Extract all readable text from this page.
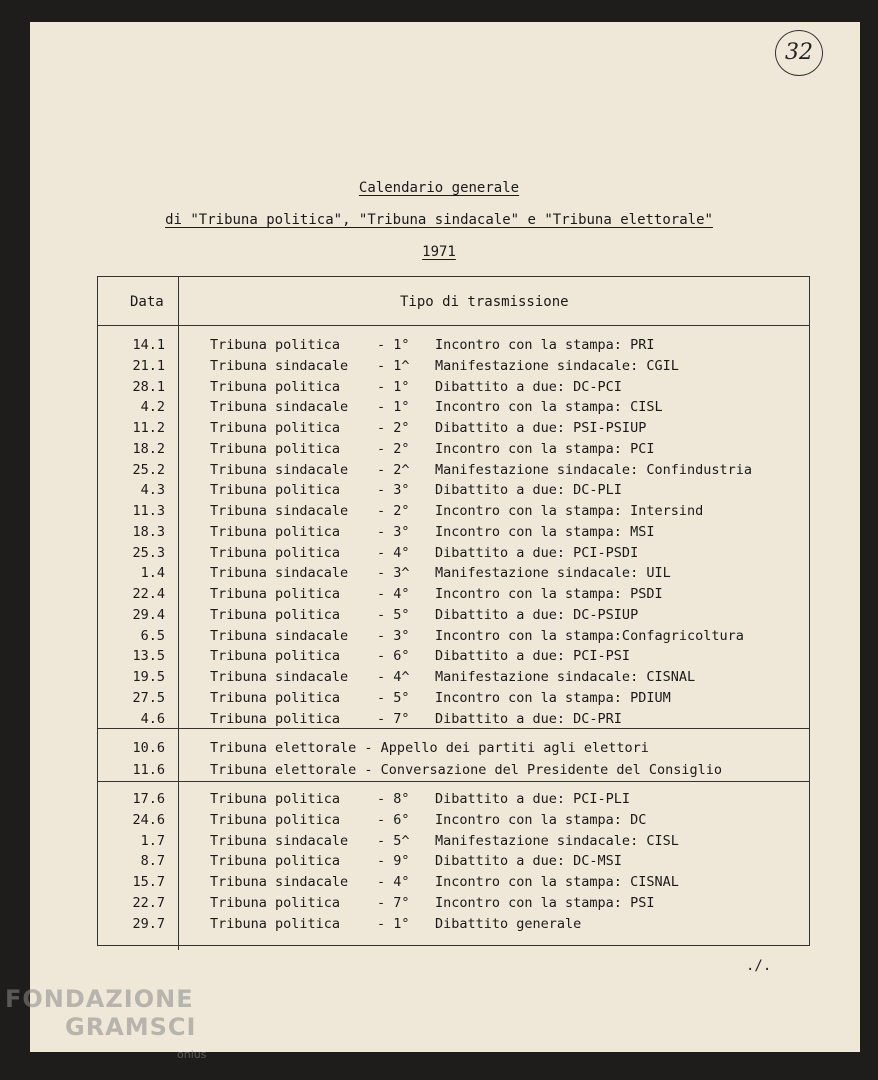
32
Calendario generale
di "Tribuna politica", "Tribuna sindacale" e "Tribuna elettorale"
1971
Data	Tipo di trasmissione
14.1	Tribuna politica	- 1° Incontro con la stampa: PRI
21.1	Tribuna sindacale - 1^ Manifestazione sindacale: CGIL
28.1	Tribuna politica	- 1° Dibattito a due: DC-PCI
4.2	Tribuna sindacale - 1° Incontro con la stampa: CISL
11.2	Tribuna politica	- 2° Dibattito a due: PSI-PSIUP
18.2	Tribuna politica	- 2° Incontro con la stampa: PCI
25.2	Tribuna sindacale - 2^ Manifestazione sindacale: Confindustria
4.3	Tribuna politica	- 3° Dibattito a due: DC-PLI
11.3	Tribuna sindacale - 2° Incontro con la stampa: Intersind
18.3	Tribuna politica	- 3° Incontro con la stampa: MSI
25.3	Tribuna politica	- 4° Dibattito a due: PCI-PSDI
1.4	Tribuna sindacale - 3^ Manifestazione sindacale: UIL
22.4	Tribuna politica	- 4° Incontro con la stampa: PSDI
29.4	Tribuna politica	- 5° Dibattito a due: DC-PSIUP
6.5	Tribuna sindacale - 3° Incontro con la stampa:Confagricoltura
13.5	Tribuna politica	- 6° Dibattito a due: PCI-PSI
19.5	Tribuna sindacale - 4^ Manifestazione sindacale: CISNAL
27.5	Tribuna politica	- 5° Incontro con la stampa: PDIUM
4.6	Tribuna politica	- 7° Dibattito a due: DC-PRI
10.6	Tribuna elettorale - Appello dei partiti agli elettori
11.6	Tribuna elettorale - Conversazione del Presidente del Consiglio
17.6	Tribuna politica	- 8° Dibattito a due: PCI-PLI
24.6	Tribuna politica	- 6° Incontro con la stampa: DC
1.7	Tribuna sindacale - 5^ Manifestazione sindacale: CISL
8.7	Tribuna politica	- 9° Dibattito a due: DC-MSI
15.7	Tribuna sindacale - 4° Incontro con la stampa: CISNAL
22.7	Tribuna politica	- 7° Incontro con la stampa: PSI
29.7	Tribuna politica	- 1° Dibattito generale
./.
FONDAZIONE
GRAMSCI
onlus
